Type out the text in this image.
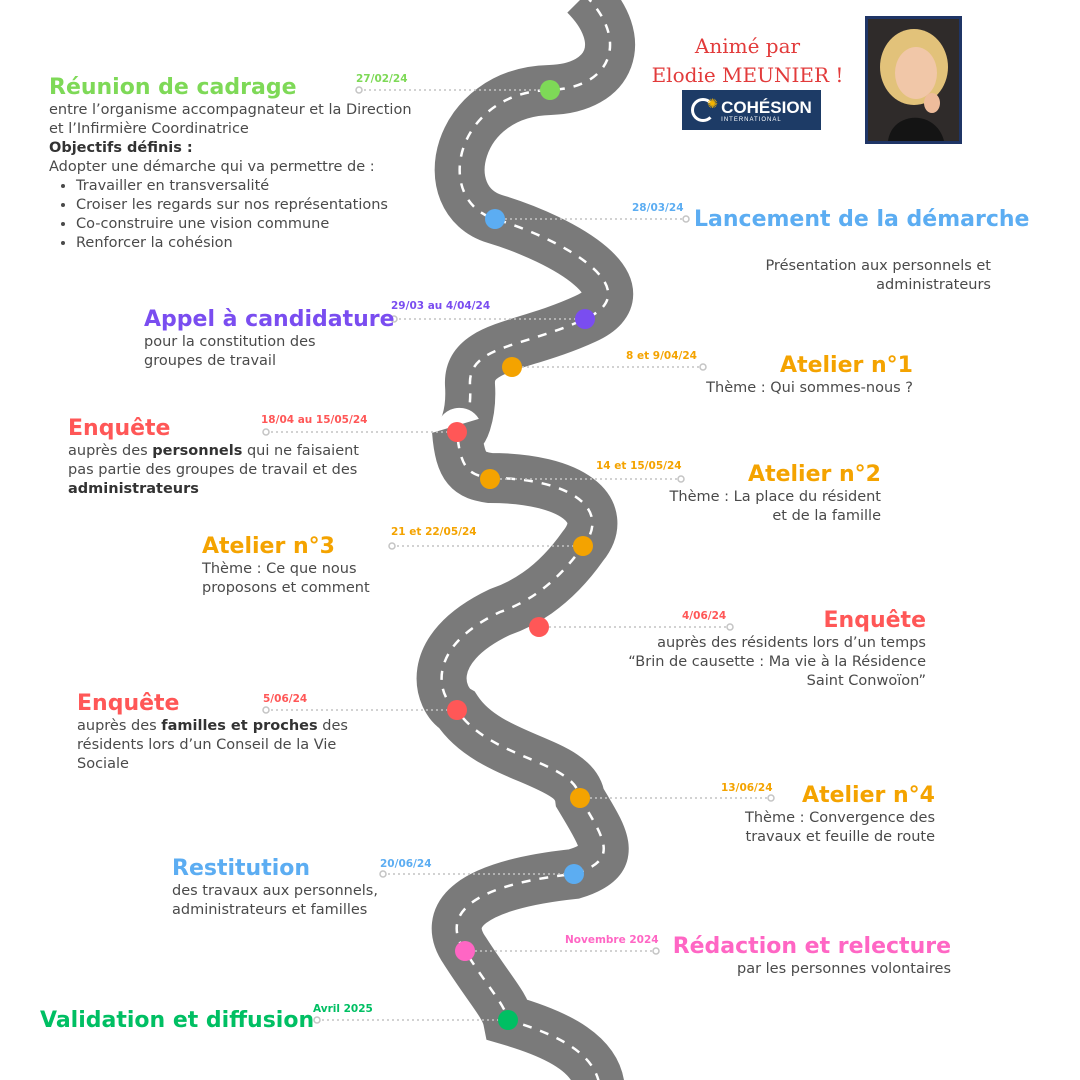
Animé par
Elodie MEUNIER !
✺ COHÉSION
INTERNATIONAL
27/02/24
28/03/24
29/03 au 4/04/24
8 et 9/04/24
18/04 au 15/05/24
14 et 15/05/24
21 et 22/05/24
4/06/24
5/06/24
13/06/24
20/06/24
Novembre 2024
Avril 2025
Réunion de cadrage
entre l’organisme accompagnateur et la Direction
et l’Infirmière Coordinatrice
Objectifs définis :
Adopter une démarche qui va permettre de :
• Travailler en transversalité
• Croiser les regards sur nos représentations
• Co-construire une vision commune
• Renforcer la cohésion
Lancement de la démarche
Présentation aux personnels et
administrateurs
Appel à candidature
pour la constitution des
groupes de travail	Atelier n°1
Thème : Qui sommes-nous ?
Enquête
auprès des personnels qui ne faisaient
pas partie des groupes de travail et des
administrateurs
Atelier n°2
Thème : La place du résident
et de la famille
Atelier n°3
Thème : Ce que nous
proposons et comment
Enquête
auprès des résidents lors d’un temps
“Brin de causette : Ma vie à la Résidence
Saint Conwoïon”
Enquête
auprès des familles et proches des
résidents lors d’un Conseil de la Vie
Sociale
Atelier n°4
Thème : Convergence des
travaux et feuille de route
Restitution
des travaux aux personnels,
administrateurs et familles
Rédaction et relecture
par les personnes volontaires
Validation et diffusion
